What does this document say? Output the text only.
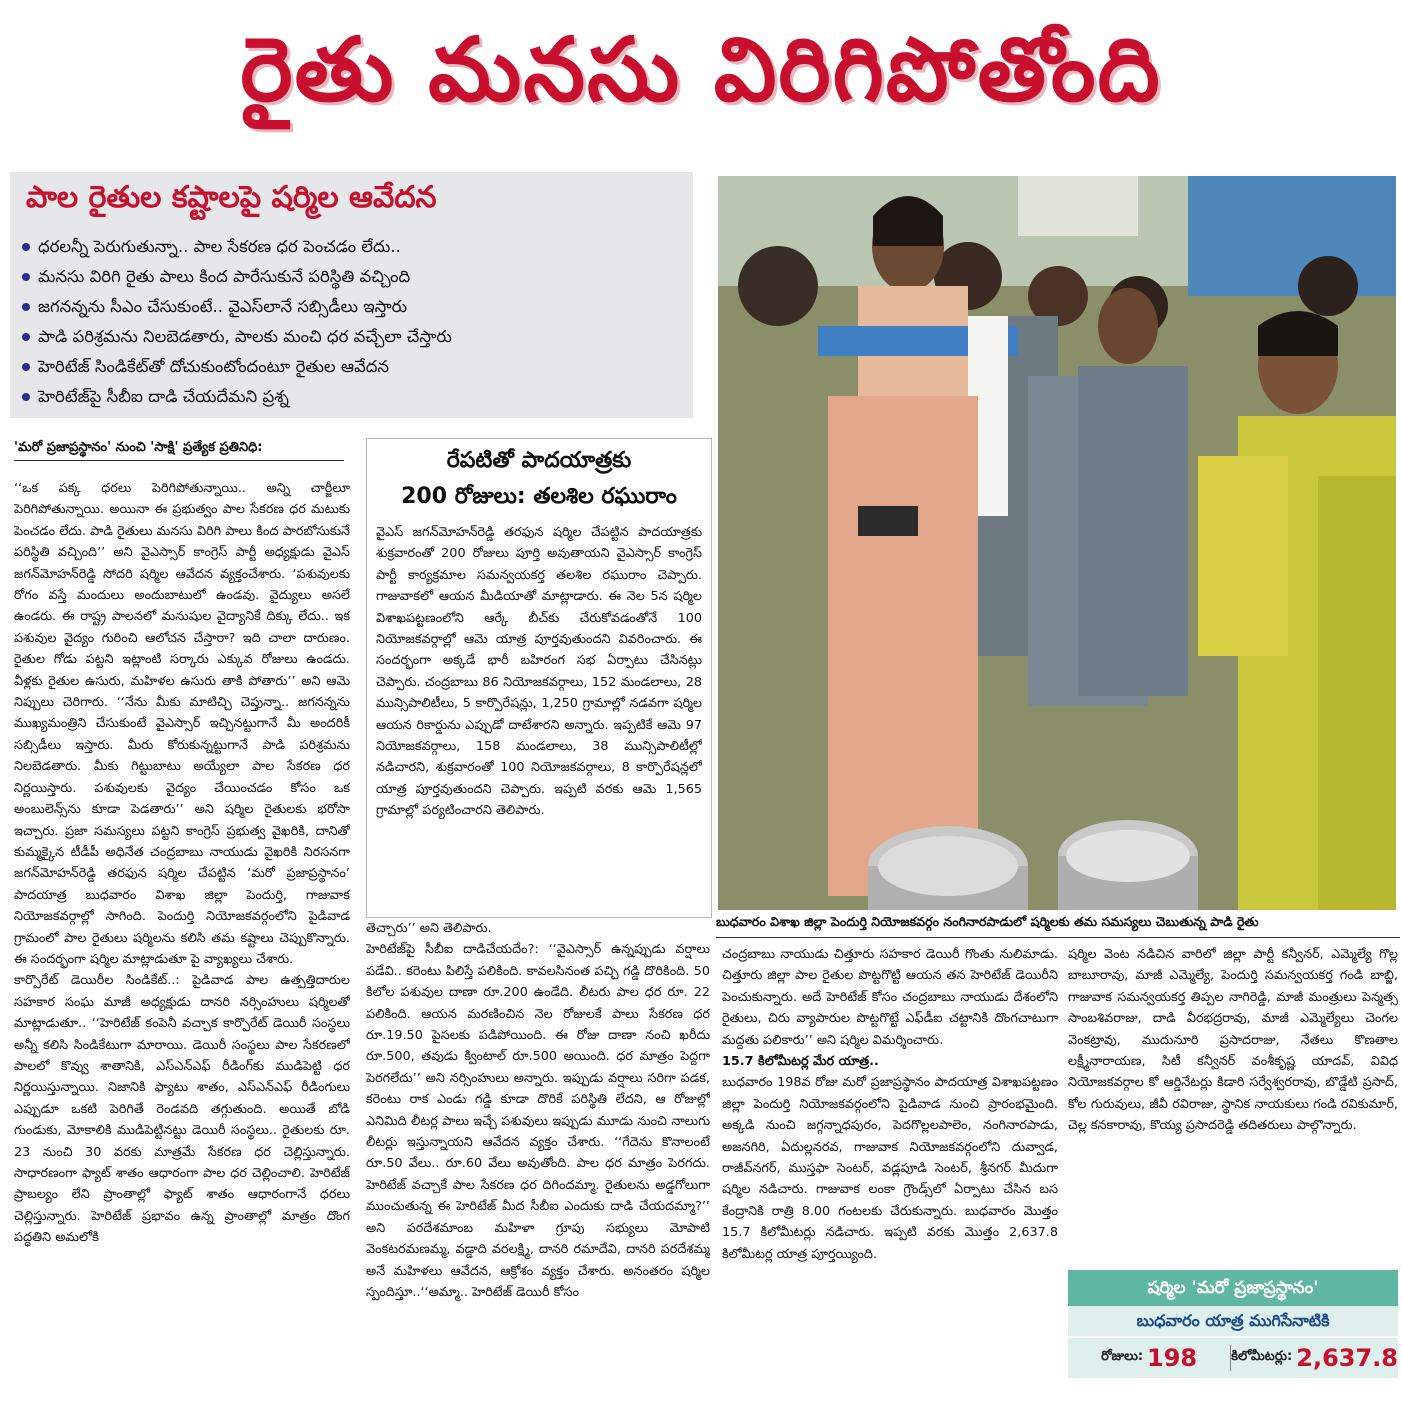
రైతు మనసు విరిగిపోతోంది
పాల రైతుల కష్టాలపై షర్మిల ఆవేదన
ధరలన్నీ పెరుగుతున్నా.. పాల సేకరణ ధర పెంచడం లేదు..
మనసు విరిగి రైతు పాలు కింద పారేసుకునే పరిస్థితి వచ్చింది
జగనన్నను సీఎం చేసుకుంటే.. వైఎస్‌లానే సబ్సిడీలు ఇస్తారు
పాడి పరిశ్రమను నిలబెడతారు, పాలకు మంచి ధర వచ్చేలా చేస్తారు
హెరిటేజ్ సిండికేట్‌తో దోచుకుంటోందంటూ రైతుల ఆవేదన
హెరిటేజ్‌పై సీబీఐ దాడి చేయదేమని ప్రశ్న
'మరో ప్రజాప్రస్థానం' నుంచి 'సాక్షి' ప్రత్యేక ప్రతినిధి:

‘‘ఒక పక్క ధరలు పెరిగిపోతున్నాయి.. అన్ని చార్జీలూ పెరిగిపోతున్నాయి. అయినా ఈ ప్రభుత్వం పాల సేకరణ ధర మటుకు పెంచడం లేదు. పాడి రైతులు మనసు విరిగి పాలు కింద పారబోసుకునే పరిస్థితి వచ్చింది’’ అని వైఎస్సార్ కాంగ్రెస్ పార్టీ అధ్యక్షుడు వైఎస్ జగన్‌మోహన్‌రెడ్డి సోదరి షర్మిల ఆవేదన వ్యక్తంచేశారు. ‘పశువులకు రోగం వస్తే మందులు అందుబాటులో ఉండవు. వైద్యులు అసలే ఉండరు. ఈ రాష్ట్ర పాలనలో మనుషుల వైద్యానికే దిక్కు లేదు.. ఇక పశువుల వైద్యం గురించి ఆలోచన చేస్తారా? ఇది చాలా దారుణం. రైతుల గోడు పట్టని ఇట్లాంటి సర్కారు ఎక్కువ రోజులు ఉండదు. వీళ్లకు రైతుల ఉసురు, మహిళల ఉసురు తాకి పోతారు’’ అని ఆమె నిప్పులు చెరిగారు. ‘‘నేను మీకు మాటిచ్చి చెప్తున్నా.. జగనన్నను ముఖ్యమంత్రిని చేసుకుంటే వైఎస్సార్ ఇచ్చినట్టుగానే మీ అందరికీ సబ్సిడీలు ఇస్తారు. మీరు కోరుకున్నట్టుగానే పాడి పరిశ్రమను నిలబెడతారు. మీకు గిట్టుబాటు అయ్యేలా పాల సేకరణ ధర నిర్ణయిస్తారు. పశువులకు వైద్యం చేయించడం కోసం ఒక అంబులెన్స్‌ను కూడా పెడతారు’’ అని షర్మిల రైతులకు భరోసా ఇచ్చారు. ప్రజా సమస్యలు పట్టని కాంగ్రెస్ ప్రభుత్వ వైఖరికి, దానితో కుమ్మక్కైన టీడీపీ అధినేత చంద్రబాబు నాయుడు వైఖరికి నిరసనగా జగన్‌మోహన్‌రెడ్డి తరఫున షర్మిల చేపట్టిన ‘మరో ప్రజాప్రస్థానం’ పాదయాత్ర బుధవారం విశాఖ జిల్లా పెందుర్తి, గాజువాక నియోజకవర్గాల్లో సాగింది. పెందుర్తి నియోజకవర్గంలోని పైడివాడ గ్రామంలో పాల రైతులు షర్మిలను కలిసి తమ కష్టాలు చెప్పుకొన్నారు. ఈ సందర్భంగా షర్మిల మాట్లాడుతూ పై వ్యాఖ్యలు చేశారు.

కార్పొరేట్ డెయిరీల సిండికేట్..: పైడివాడ పాల ఉత్పత్తిదారుల సహకార సంఘ మాజీ అధ్యక్షుడు దానరి నర్సింహులు షర్మిలతో మాట్లాడుతూ.. ‘‘హెరిటేజ్ కంపెనీ వచ్చాక కార్పొరేట్ డెయిరీ సంస్థలు అన్నీ కలిసి సిండికేటుగా మారాయి. డెయిరీ సంస్థలు పాల సేకరణలో పాలలో కొవ్వు శాతానికి, ఎస్ఎన్ఎఫ్ రీడింగ్‌కు ముడిపెట్టి ధర నిర్ణయిస్తున్నాయి. నిజానికి ఫ్యాటు శాతం, ఎస్ఎన్ఎఫ్ రీడింగులు ఎప్పుడూ ఒకటి పెరిగితే రెండవది తగ్గుతుంది. అయితే బోడి గుండుకు, మోకాలికి ముడిపెట్టినట్టు డెయిరీ సంస్థలు.. రైతులకు రూ. 23 నుంచి 30 వరకు మాత్రమే సేకరణ ధర చెల్లిస్తున్నారు. సాధారణంగా ఫ్యాట్ శాతం ఆధారంగా పాల ధర చెల్లించాలి. హెరిటేజ్ ప్రాబల్యం లేని ప్రాంతాల్లో ఫ్యాట్ శాతం ఆధారంగానే ధరలు చెల్లిస్తున్నారు. హెరిటేజ్ ప్రభావం ఉన్న ప్రాంతాల్లో మాత్రం దొంగ పద్ధతిని అమలోకి

రేపటితో పాదయాత్రకు
200 రోజులు: తలశిల రఘురాం

వైఎస్ జగన్‌మోహన్‌రెడ్డి తరఫున షర్మిల చేపట్టిన పాదయాత్రకు శుక్రవారంతో 200 రోజులు పూర్తి అవుతాయని వైఎస్సార్ కాంగ్రెస్ పార్టీ కార్యక్రమాల సమన్వయకర్త తలశిల రఘురాం చెప్పారు. గాజువాకలో ఆయన మీడియాతో మాట్లాడారు. ఈ నెల 5న షర్మిల విశాఖపట్టణంలోని ఆర్కే బీచ్‌కు చేరుకోవడంతోనే 100 నియోజకవర్గాల్లో ఆమె యాత్ర పూర్తవుతుందని వివరించారు. ఈ సందర్భంగా అక్కడే భారీ బహిరంగ సభ ఏర్పాటు చేసినట్లు చెప్పారు. చంద్రబాబు 86 నియోజకవర్గాలు, 152 మండలాలు, 28 మున్సిపాలిటీలు, 5 కార్పొరేషన్లు, 1,250 గ్రామాల్లో నడవగా షర్మిల ఆయన రికార్డును ఎప్పుడో దాటేశారని అన్నారు. ఇప్పటికే ఆమె 97 నియోజకవర్గాలు, 158 మండలాలు, 38 మున్సిపాలిటీల్లో నడిచారని, శుక్రవారంతో 100 నియోజకవర్గాలు, 8 కార్పొరేషన్లలో యాత్ర పూర్తవుతుందని చెప్పారు. ఇప్పటి వరకు ఆమె 1,565 గ్రామాల్లో పర్యటించారని తెలిపారు.

తెచ్చారు’’ అని తెలిపారు.

హెరిటేజ్‌పై సీబీఐ దాడిచేయదేం?: ‘‘వైఎస్సార్ ఉన్నప్పుడు వర్షాలు పడేవి.. కరెంటు పిలిస్తే పలికింది. కావలసినంత పచ్చి గడ్డి దొరికింది. 50 కిలోల పశువుల దాణా రూ.200 ఉండేది. లీటరు పాల ధర రూ. 22 పలికింది. ఆయన మరణించిన నెల రోజులకే పాలు సేకరణ ధర రూ.19.50 పైసలకు పడిపోయింది. ఈ రోజు దాణా నంచి ఖరీదు రూ.500, తవుడు క్వింటాల్ రూ.500 అయింది. ధర మాత్రం పెద్దగా పెరగలేదు’’ అని నర్సింహులు అన్నారు. ఇప్పుడు వర్షాలు సరిగా పడక, కరెంటు రాక ఎండు గడ్డి కూడా దొరికే పరిస్థితి లేదని, ఆ రోజుల్లో ఎనిమిది లీటర్ల పాలు ఇచ్చే పశువులు ఇప్పుడు మూడు నుంచి నాలుగు లీటర్లు ఇస్తున్నాయని ఆవేదన వ్యక్తం చేశారు. ‘‘గేదెను కొనాలంటే రూ.50 వేలు.. రూ.60 వేలు అవుతోంది. పాల ధర మాత్రం పెరగదు. హెరిటేజ్ వచ్చాకే పాల సేకరణ ధర దిగిందమ్మా. రైతులను అడ్డగోలుగా ముంచుతున్న ఈ హెరిటేజ్ మీద సీబీఐ ఎందుకు దాడి చేయదమ్మా?’’ అని పరదేశమాంబ మహిళా గ్రూపు సభ్యులు మోపాటి వెంకటరమణమ్మ, వడ్డాది వరలక్ష్మి, దానరి రమాదేవి, దానరి పరదేశమ్మ అనే మహిళలు ఆవేదన, ఆక్రోశం వ్యక్తం చేశారు. అనంతరం షర్మిల స్పందిస్తూ..‘‘అమ్మా.. హెరిటేజ్ డెయిరీ కోసం

బుధవారం విశాఖ జిల్లా పెందుర్తి నియోజకవర్గం నంగినారపాడులో షర్మిలకు తమ సమస్యలు చెబుతున్న పాడి రైతు

చంద్రబాబు నాయుడు చిత్తూరు సహకార డెయిరీ గొంతు నులిమాడు. చిత్తూరు జిల్లా పాల రైతుల పొట్టగొట్టి ఆయన తన హెరిటేజ్ డెయిరీని పెంచుకున్నారు. అదే హెరిటేజ్ కోసం చంద్రబాబు నాయుడు దేశంలోని రైతులు, చిరు వ్యాపారుల పొట్టగొట్టే ఎఫ్‌డీఐ చట్టానికి దొంగచాటుగా మద్దతు పలికారు’’ అని షర్మిల విమర్శించారు.

15.7 కిలోమీటర్ల మేర యాత్ర..

బుధవారం 198వ రోజు మరో ప్రజాప్రస్థానం పాదయాత్ర విశాఖపట్టణం జిల్లా పెందుర్తి నియోజకవర్గంలోని పైడివాడ నుంచి ప్రారంభమైంది. అక్కడి నుంచి జగ్గన్నాధపురం, పెదగొల్లలపాలెం, నంగినారపాడు, అజనగిరి, ఏదుల్లనరవ, గాజువాక నియోజకవర్గంలోని దువ్వాడ, రాజీవ్‌నగర్, ముస్తఫా సెంటర్, వడ్లపూడి సెంటర్, శ్రీనగర్ మీదుగా షర్మిల నడిచారు. గాజువాక లంకా గ్రౌండ్స్‌లో ఏర్పాటు చేసిన బస కేంద్రానికి రాత్రి 8.00 గంటలకు చేరుకున్నారు. బుధవారం మొత్తం 15.7 కిలోమీటర్లు నడిచారు. ఇప్పటి వరకు మొత్తం 2,637.8 కిలోమీటర్ల యాత్ర పూర్తయ్యింది.

షర్మిల వెంట నడిచిన వారిలో జిల్లా పార్టీ కన్వీనర్, ఎమ్మెల్యే గొల్ల బాబూరావు, మాజీ ఎమ్మెల్యే, పెందుర్తి సమన్వయకర్త గండి బాబ్జి, గాజువాక సమన్వయకర్త తిప్పల నాగిరెడ్డి, మాజీ మంత్రులు పెన్మత్స సాంబశివరాజు, దాడి వీరభద్రరావు, మాజీ ఎమ్మెల్యేలు చెంగల వెంకట్రావు, ముదునూరి ప్రసాదరాజు, నేతలు కొణతాల లక్ష్మీనారాయణ, సిటీ కన్వీనర్ వంశీకృష్ణ యాదవ్, వివిధ నియోజకవర్గాల కో ఆర్డినేటర్లు కిడారి సర్వేశ్వరరావు, బొడ్డేటి ప్రసాద్, కోల గురువులు, జీవీ రవిరాజు, స్థానిక నాయకులు గండి రవికుమార్, చెల్ల కనకారావు, కొయ్య ప్రసాదరెడ్డి తదితరులు పాల్గొన్నారు.

షర్మిల 'మరో ప్రజాప్రస్థానం'
బుధవారం యాత్ర ముగిసేనాటికి
రోజులు: 198	కిలోమీటర్లు: 2,637.8
